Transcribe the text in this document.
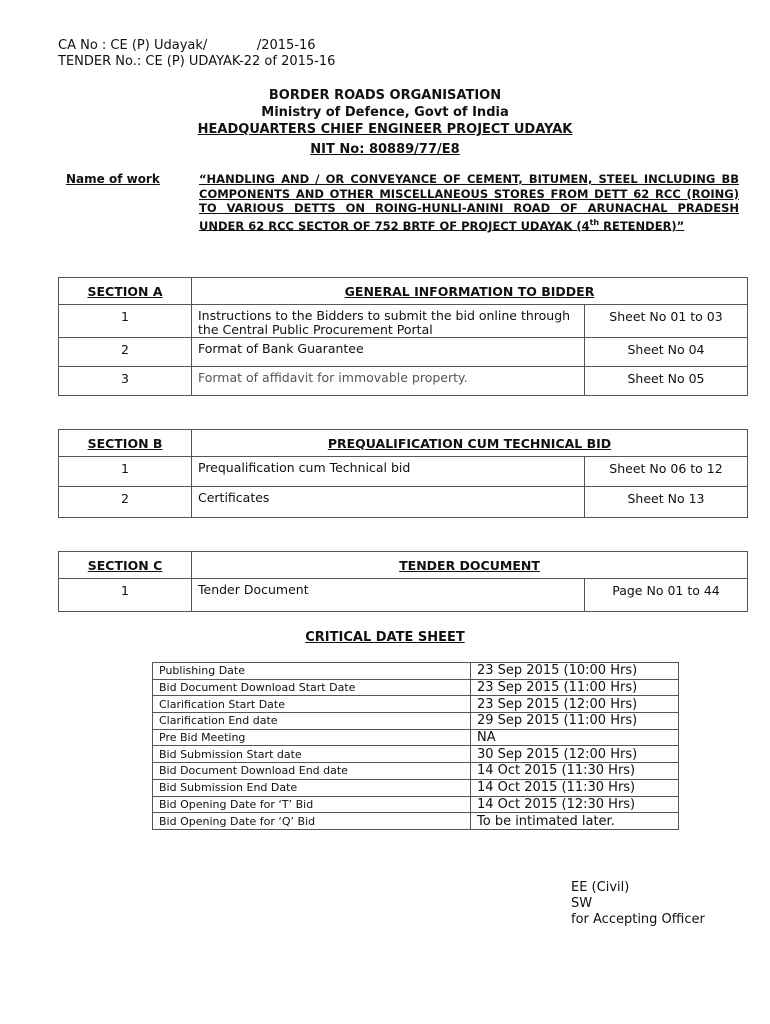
CA No : CE (P) Udayak/            /2015-16
TENDER No.: CE (P) UDAYAK-22 of 2015-16
BORDER ROADS ORGANISATION
Ministry of Defence, Govt of India
HEADQUARTERS CHIEF ENGINEER PROJECT UDAYAK
NIT No: 80889/77/E8
Name of work	“HANDLING AND / OR CONVEYANCE OF CEMENT, BITUMEN, STEEL INCLUDING BB COMPONENTS AND OTHER MISCELLANEOUS STORES FROM DETT 62 RCC (ROING) TO VARIOUS DETTS ON ROING-HUNLI-ANINI ROAD OF ARUNACHAL PRADESH UNDER 62 RCC SECTOR OF 752 BRTF OF PROJECT UDAYAK (4th RETENDER)”
SECTION A	GENERAL INFORMATION TO BIDDER	
1	Instructions to the Bidders to submit the bid online through the Central Public Procurement Portal	Sheet No 01 to 03
2	Format of Bank Guarantee	Sheet No 04
3	Format of affidavit for immovable property.	Sheet No 05
SECTION B	PREQUALIFICATION CUM TECHNICAL BID	
1	Prequalification cum Technical bid	Sheet No 06 to 12
2	Certificates	Sheet No 13
SECTION C	TENDER DOCUMENT	
1	Tender Document	Page No 01 to 44
CRITICAL DATE SHEET
Publishing Date	23 Sep 2015 (10:00 Hrs)
Bid Document Download Start Date	23 Sep 2015 (11:00 Hrs)
Clarification Start Date	23 Sep 2015 (12:00 Hrs)
Clarification End date	29 Sep 2015 (11:00 Hrs)
Pre Bid Meeting	NA
Bid Submission Start date	30 Sep 2015 (12:00 Hrs)
Bid Document Download End date	14 Oct 2015 (11:30 Hrs)
Bid Submission End Date	14 Oct 2015 (11:30 Hrs)
Bid Opening Date for ‘T’ Bid	14 Oct 2015 (12:30 Hrs)
Bid Opening Date for ‘Q’ Bid	To be intimated later.
EE (Civil)
SW
for Accepting Officer
